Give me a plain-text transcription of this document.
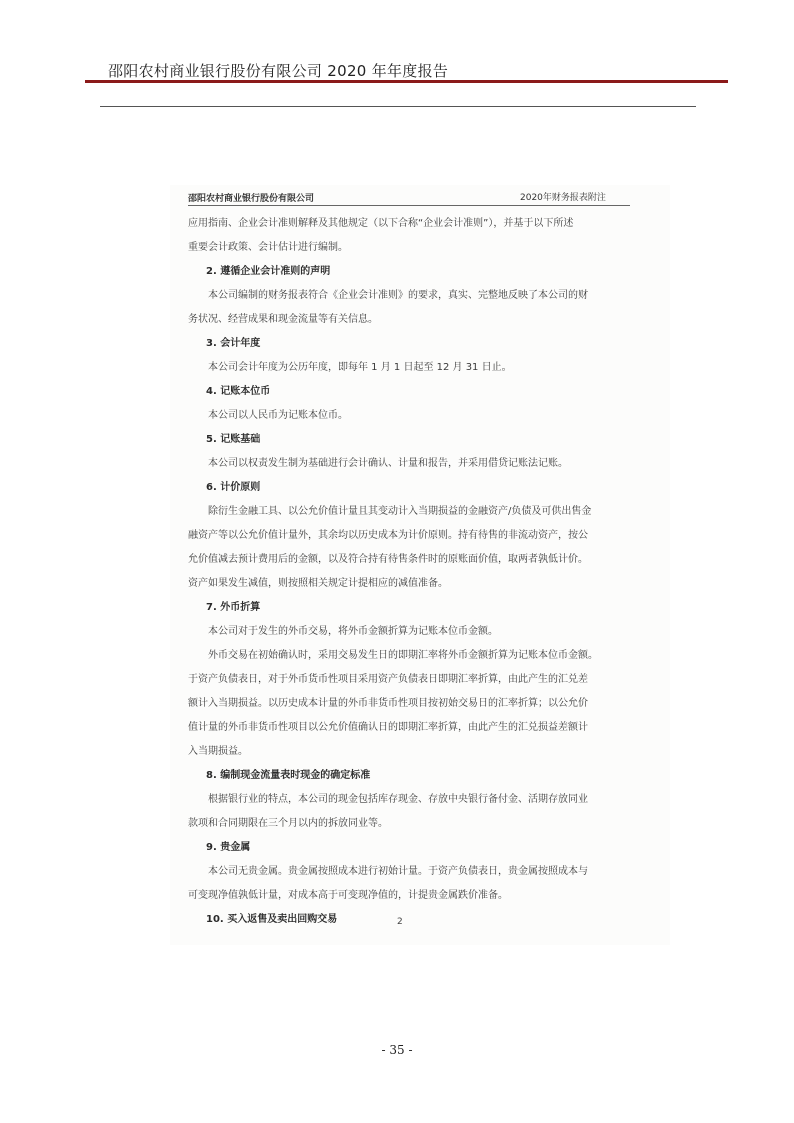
邵阳农村商业银行股份有限公司 2020 年年度报告
邵阳农村商业银行股份有限公司	2020年财务报表附注

应用指南、企业会计准则解释及其他规定（以下合称“企业会计准则”），并基于以下所述

重要会计政策、会计估计进行编制。

2. 遵循企业会计准则的声明

本公司编制的财务报表符合《企业会计准则》的要求，真实、完整地反映了本公司的财

务状况、经营成果和现金流量等有关信息。

3. 会计年度

本公司会计年度为公历年度，即每年 1 月 1 日起至 12 月 31 日止。

4. 记账本位币

本公司以人民币为记账本位币。

5. 记账基础

本公司以权责发生制为基础进行会计确认、计量和报告，并采用借贷记账法记账。

6. 计价原则

除衍生金融工具、以公允价值计量且其变动计入当期损益的金融资产/负债及可供出售金

融资产等以公允价值计量外，其余均以历史成本为计价原则。持有待售的非流动资产，按公

允价值减去预计费用后的金额，以及符合持有待售条件时的原账面价值，取两者孰低计价。

资产如果发生减值，则按照相关规定计提相应的减值准备。

7. 外币折算

本公司对于发生的外币交易，将外币金额折算为记账本位币金额。

外币交易在初始确认时，采用交易发生日的即期汇率将外币金额折算为记账本位币金额。

于资产负债表日，对于外币货币性项目采用资产负债表日即期汇率折算，由此产生的汇兑差

额计入当期损益。以历史成本计量的外币非货币性项目按初始交易日的汇率折算；以公允价

值计量的外币非货币性项目以公允价值确认日的即期汇率折算，由此产生的汇兑损益差额计

入当期损益。

8. 编制现金流量表时现金的确定标准

根据银行业的特点，本公司的现金包括库存现金、存放中央银行备付金、活期存放同业

款项和合同期限在三个月以内的拆放同业等。

9. 贵金属

本公司无贵金属。贵金属按照成本进行初始计量。于资产负债表日，贵金属按照成本与

可变现净值孰低计量，对成本高于可变现净值的，计提贵金属跌价准备。

10. 买入返售及卖出回购交易	2
- 35 -
